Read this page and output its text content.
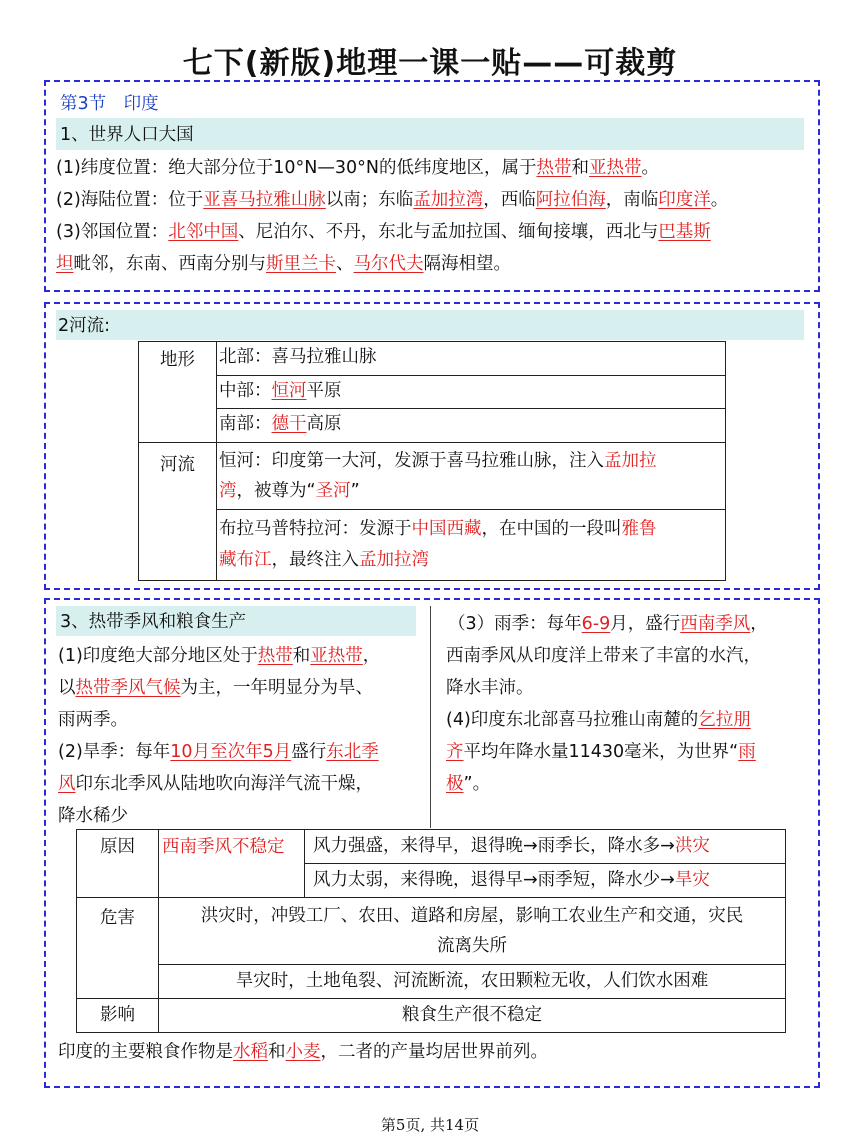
七下(新版)地理一课一贴——可裁剪
第3节　印度
1、世界人口大国
(1)纬度位置：绝大部分位于10°N—30°N的低纬度地区，属于热带和亚热带。
(2)海陆位置：位于亚喜马拉雅山脉以南；东临孟加拉湾，西临阿拉伯海，南临印度洋。
(3)邻国位置：北邻中国、尼泊尔、不丹，东北与孟加拉国、缅甸接壤，西北与巴基斯
坦毗邻，东南、西南分别与斯里兰卡、马尔代夫隔海相望。
2河流:
地形	北部：喜马拉雅山脉
	中部：恒河平原
	南部：德干高原
河流	恒河：印度第一大河，发源于喜马拉雅山脉，注入孟加拉
湾，被尊为“圣河”
	布拉马普特拉河：发源于中国西藏，在中国的一段叫雅鲁
藏布江，最终注入孟加拉湾
3、热带季风和粮食生产
(1)印度绝大部分地区处于热带和亚热带，
以热带季风气候为主，一年明显分为旱、
雨两季。
(2)旱季：每年10月至次年5月盛行东北季
风印东北季风从陆地吹向海洋气流干燥，
降水稀少
（3）雨季：每年6-9月，盛行西南季风，
西南季风从印度洋上带来了丰富的水汽，
降水丰沛。
(4)印度东北部喜马拉雅山南麓的乞拉朋
齐平均年降水量11430毫米，为世界“雨
极”。
原因	西南季风不稳定	风力强盛，来得早，退得晚→雨季长，降水多→洪灾
		风力太弱，来得晚，退得早→雨季短，降水少→旱灾
危害	洪灾时，冲毁工厂、农田、道路和房屋，影响工农业生产和交通，灾民
流离失所	
	旱灾时，土地龟裂、河流断流，农田颗粒无收，人们饮水困难	
影响	粮食生产很不稳定	
印度的主要粮食作物是水稻和小麦，二者的产量均居世界前列。
第5页, 共14页
